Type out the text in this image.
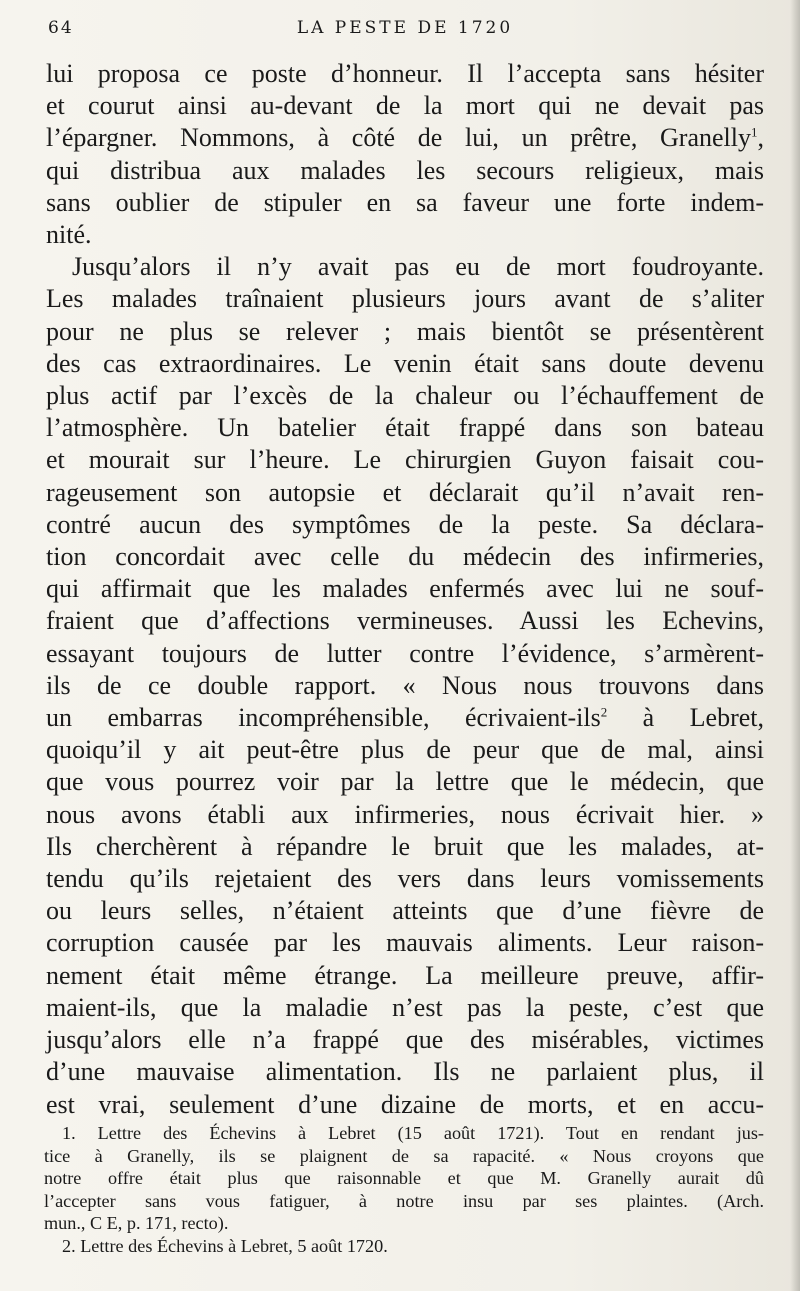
64	LA PESTE DE 1720
lui proposa ce poste d’honneur. Il l’accepta sans hésiter
et courut ainsi au-devant de la mort qui ne devait pas
l’épargner. Nommons, à côté de lui, un prêtre, Granelly$^1$,
qui distribua aux malades les secours religieux, mais
sans oublier de stipuler en sa faveur une forte indem-
nité.
Jusqu’alors il n’y avait pas eu de mort foudroyante.
Les malades traînaient plusieurs jours avant de s’aliter
pour ne plus se relever ; mais bientôt se présentèrent
des cas extraordinaires. Le venin était sans doute devenu
plus actif par l’excès de la chaleur ou l’échauffement de
l’atmosphère. Un batelier était frappé dans son bateau
et mourait sur l’heure. Le chirurgien Guyon faisait cou-
rageusement son autopsie et déclarait qu’il n’avait ren-
contré aucun des symptômes de la peste. Sa déclara-
tion concordait avec celle du médecin des infirmeries,
qui affirmait que les malades enfermés avec lui ne souf-
fraient que d’affections vermineuses. Aussi les Echevins,
essayant toujours de lutter contre l’évidence, s’armèrent-
ils de ce double rapport. « Nous nous trouvons dans
un embarras incompréhensible, écrivaient-ils$^2$ à Lebret,
quoiqu’il y ait peut-être plus de peur que de mal, ainsi
que vous pourrez voir par la lettre que le médecin, que
nous avons établi aux infirmeries, nous écrivait hier. »
Ils cherchèrent à répandre le bruit que les malades, at-
tendu qu’ils rejetaient des vers dans leurs vomissements
ou leurs selles, n’étaient atteints que d’une fièvre de
corruption causée par les mauvais aliments. Leur raison-
nement était même étrange. La meilleure preuve, affir-
maient-ils, que la maladie n’est pas la peste, c’est que
jusqu’alors elle n’a frappé que des misérables, victimes
d’une mauvaise alimentation. Ils ne parlaient plus, il
est vrai, seulement d’une dizaine de morts, et en accu-
1. Lettre des Échevins à Lebret (15 août 1721). Tout en rendant jus-
tice à Granelly, ils se plaignent de sa rapacité. « Nous croyons que
notre offre était plus que raisonnable et que M. Granelly aurait dû
l’accepter sans vous fatiguer, à notre insu par ses plaintes. (Arch.
mun., C E, p. 171, recto).
2. Lettre des Échevins à Lebret, 5 août 1720.
